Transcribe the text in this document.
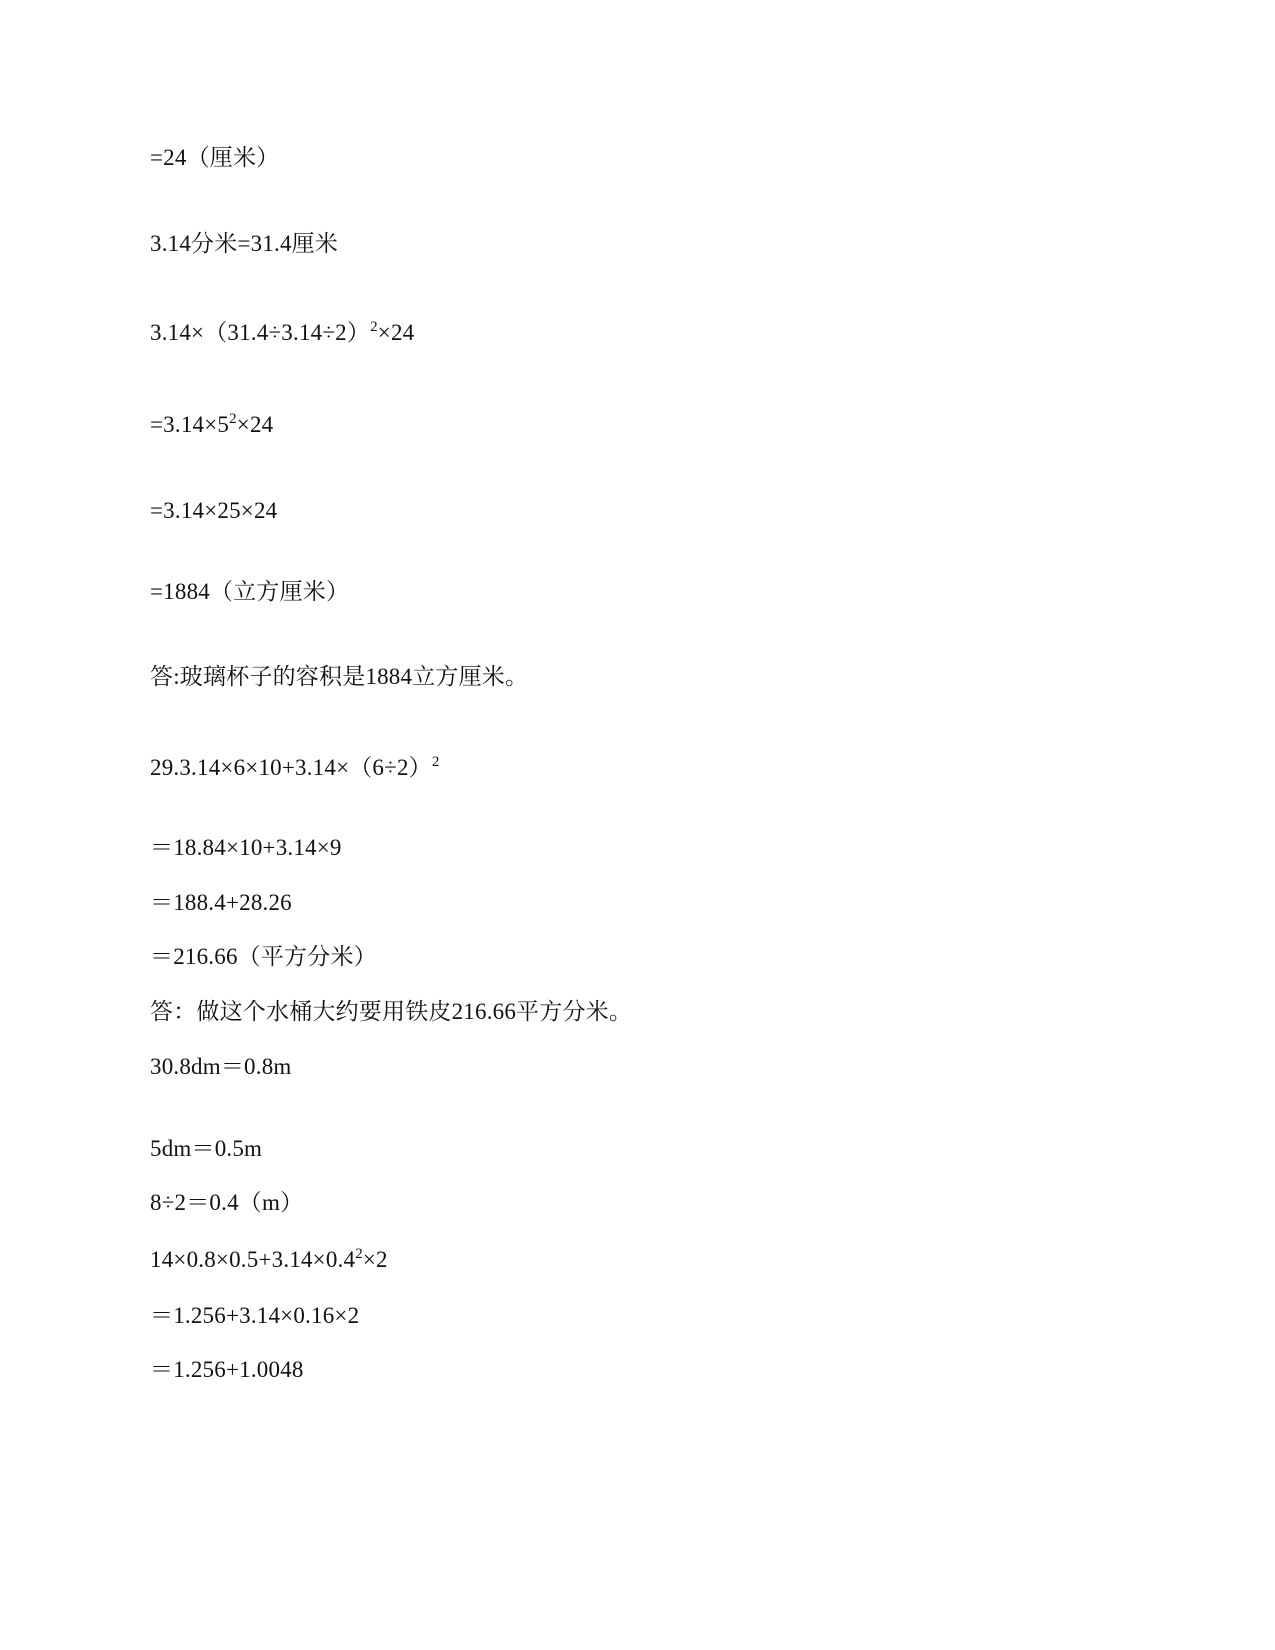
=24（厘米）
3.14分米=31.4厘米
$3.14\times(31.4\div 3.14\div 2)^2\times 24$
$=3.14\times 5^2\times 24$
=3.14×25×24
=1884（立方厘米）
答:玻璃杯子的容积是1884立方厘米。
$29.3.14\times 6\times 10+3.14\times(6\div 2)^2$
＝18.84×10+3.14×9
＝188.4+28.26
＝216.66（平方分米）
答：做这个水桶大约要用铁皮216.66平方分米。
30.8dm＝0.8m
5dm＝0.5m
8÷2＝0.4（m）
$14\times 0.8\times 0.5+3.14\times 0.4^2\times 2$
＝1.256+3.14×0.16×2
＝1.256+1.0048
